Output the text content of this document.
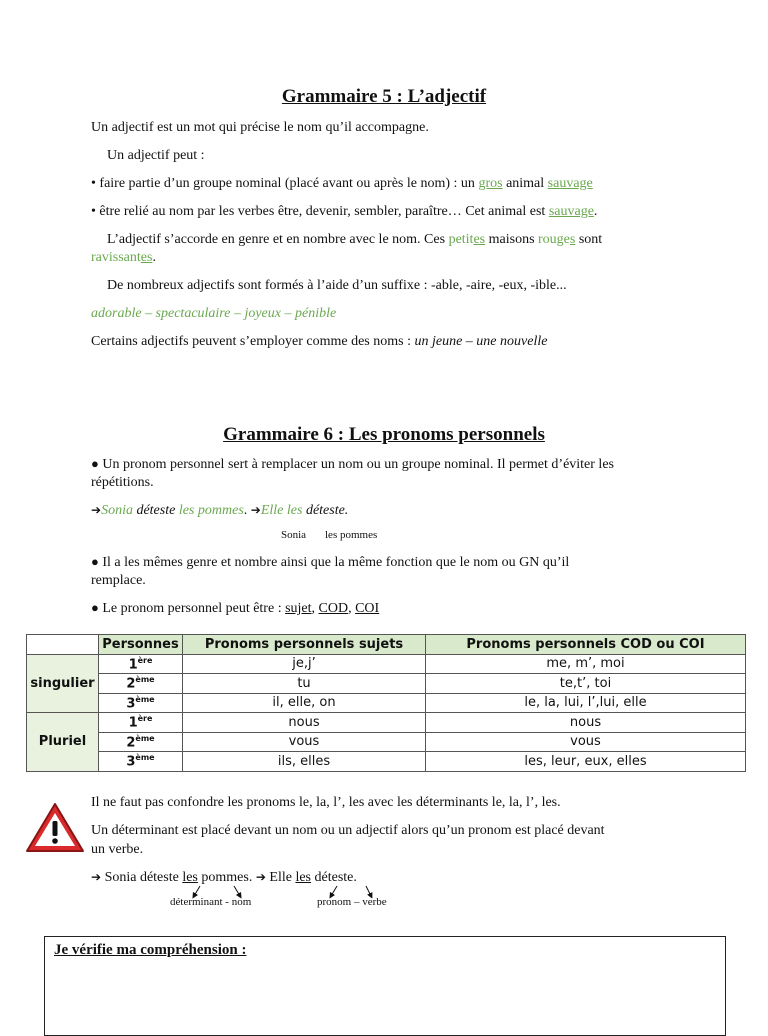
Grammaire 5 : L’adjectif
Un adjectif est un mot qui précise le nom qu’il accompagne.
Un adjectif peut :
• faire partie d’un groupe nominal (placé avant ou après le nom) : un gros animal sauvage
• être relié au nom par les verbes être, devenir, sembler, paraître… Cet animal est sauvage.
L’adjectif s’accorde en genre et en nombre avec le nom. Ces petites maisons rouges sont
ravissantes.
De nombreux adjectifs sont formés à l’aide d’un suffixe : -able, -aire, -eux, -ible...
adorable – spectaculaire – joyeux – pénible
Certains adjectifs peuvent s’employer comme des noms : un jeune – une nouvelle
Grammaire 6 : Les pronoms personnels
● Un pronom personnel sert à remplacer un nom ou un groupe nominal. Il permet d’éviter les
répétitions.
➔Sonia déteste les pommes. ➔Elle les déteste.
Sonia les pommes
● Il a les mêmes genre et nombre ainsi que la même fonction que le nom ou GN qu’il
remplace.
● Le pronom personnel peut être : sujet, COD, COI
	Personnes	Pronoms personnels sujets	Pronoms personnels COD ou COI
singulier	1ère	je,j’	me, m’, moi
	2ème	tu	te,t’, toi
	3ème	il, elle, on	le, la, lui, l’,lui, elle
Pluriel	1ère	nous	nous
	2ème	vous	vous
	3ème	ils, elles	les, leur, eux, elles
Il ne faut pas confondre les pronoms le, la, l’, les avec les déterminants le, la, l’, les.
Un déterminant est placé devant un nom ou un adjectif alors qu’un pronom est placé devant
un verbe.
➔ Sonia déteste les pommes. ➔ Elle les déteste.
déterminant - nom	pronom – verbe
Je vérifie ma compréhension :
